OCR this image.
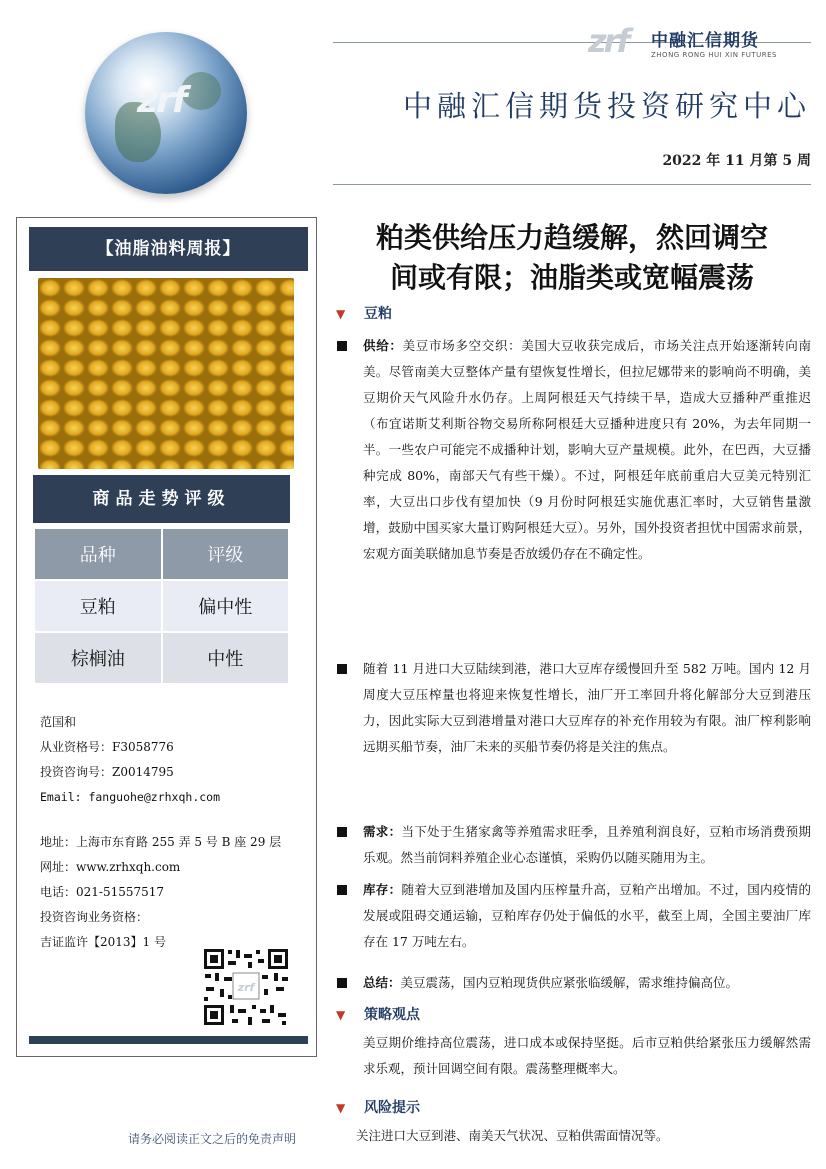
zrf
zrf 中融汇信期货
ZHONG RONG HUI XIN FUTURES
中融汇信期货投资研究中心
2022 年 11 月第 5 周
【油脂油料周报】
商品走势评级
品种	评级
豆粕	偏中性
棕榈油	中性
范国和
从业资格号：F3058776
投资咨询号：Z0014795
Email: fanguohe@zrhxqh.com
地址：上海市东育路 255 弄 5 号 B 座 29 层
网址：www.zrhxqh.com
电话：021-51557517
投资咨询业务资格：
吉证监许【2013】1 号
zrf
请务必阅读正文之后的免责声明
粕类供给压力趋缓解，然回调空
间或有限；油脂类或宽幅震荡
▼ 豆粕
供给：美豆市场多空交织：美国大豆收获完成后，市场关注点开始逐渐转向南美。尽管南美大豆整体产量有望恢复性增长，但拉尼娜带来的影响尚不明确，美豆期价天气风险升水仍存。上周阿根廷天气持续干旱，造成大豆播种严重推迟（布宜诺斯艾利斯谷物交易所称阿根廷大豆播种进度只有 20%，为去年同期一半。一些农户可能完不成播种计划，影响大豆产量规模。此外，在巴西，大豆播种完成 80%，南部天气有些干燥）。不过，阿根廷年底前重启大豆美元特别汇率，大豆出口步伐有望加快（9 月份时阿根廷实施优惠汇率时，大豆销售量激增，鼓励中国买家大量订购阿根廷大豆）。另外，国外投资者担忧中国需求前景，宏观方面美联储加息节奏是否放缓仍存在不确定性。
随着 11 月进口大豆陆续到港，港口大豆库存缓慢回升至 582 万吨。国内 12 月周度大豆压榨量也将迎来恢复性增长，油厂开工率回升将化解部分大豆到港压力，因此实际大豆到港增量对港口大豆库存的补充作用较为有限。油厂榨利影响远期买船节奏，油厂未来的买船节奏仍将是关注的焦点。
需求：当下处于生猪家禽等养殖需求旺季，且养殖利润良好，豆粕市场消费预期乐观。然当前饲料养殖企业心态谨慎，采购仍以随买随用为主。
库存：随着大豆到港增加及国内压榨量升高，豆粕产出增加。不过，国内疫情的发展或阻碍交通运输，豆粕库存仍处于偏低的水平，截至上周，全国主要油厂库存在 17 万吨左右。
总结：美豆震荡，国内豆粕现货供应紧张临缓解，需求维持偏高位。
▼ 策略观点
美豆期价维持高位震荡，进口成本或保持坚挺。后市豆粕供给紧张压力缓解然需求乐观，预计回调空间有限。震荡整理概率大。
▼ 风险提示
关注进口大豆到港、南美天气状况、豆粕供需面情况等。
